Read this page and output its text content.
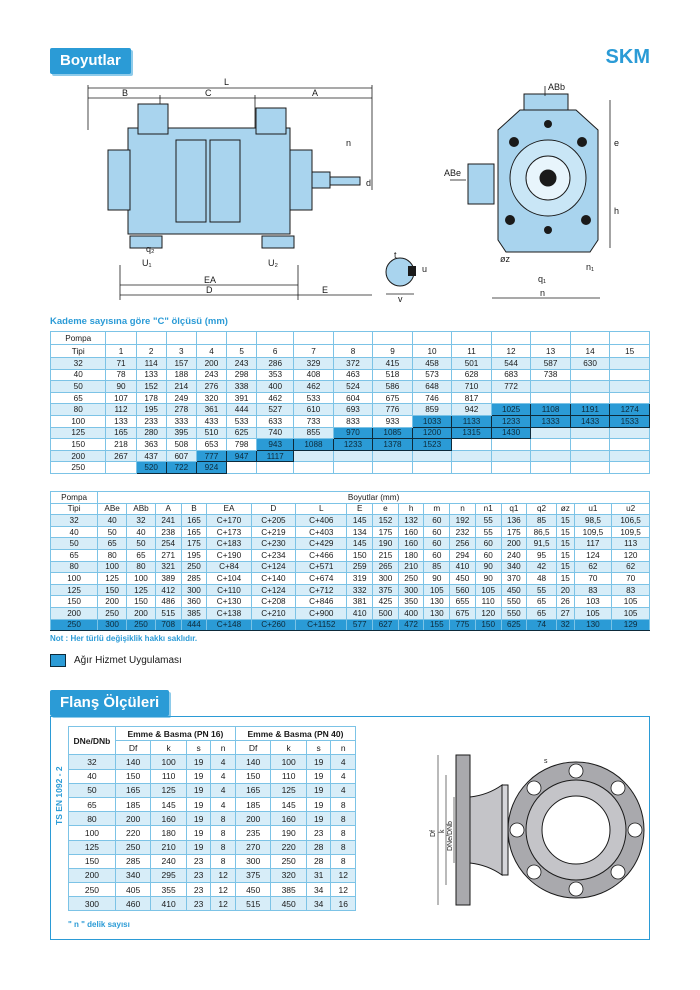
Boyutlar	SKM
L
B	C	A
n
d
q₂
U₁	U₂
EA
D	E
t
u
v
ABb
ABe
e
h
øz
q₁
n₁
n
Kademe sayısına göre "C" ölçüsü (mm)
Pompa															
Tipi	1	2	3	4	5	6	7	8	9	10	11	12	13	14	15
32	71	114	157	200	243	286	329	372	415	458	501	544	587	630	
40	78	133	188	243	298	353	408	463	518	573	628	683	738		
50	90	152	214	276	338	400	462	524	586	648	710	772			
65	107	178	249	320	391	462	533	604	675	746	817				
80	112	195	278	361	444	527	610	693	776	859	942	1025	1108	1191	1274
100	133	233	333	433	533	633	733	833	933	1033	1133	1233	1333	1433	1533
125	165	280	395	510	625	740	855	970	1085	1200	1315	1430			
150	218	363	508	653	798	943	1088	1233	1378	1523					
200	267	437	607	777	947	1117									
250		520	722	924											
Pompa	Boyutlar (mm)																	
Tipi	ABe	ABb	A	B	EA	D	L	E	e	h	m	n	n1	q1	q2	øz	u1	u2
32	40	32	241	165	C+170	C+205	C+406	145	152	132	60	192	55	136	85	15	98,5	106,5
40	50	40	238	165	C+173	C+219	C+403	134	175	160	60	232	55	175	86,5	15	109,5	109,5
50	65	50	254	175	C+183	C+230	C+429	145	190	160	60	256	60	200	91,5	15	117	113
65	80	65	271	195	C+190	C+234	C+466	150	215	180	60	294	60	240	95	15	124	120
80	100	80	321	250	C+84	C+124	C+571	259	265	210	85	410	90	340	42	15	62	62
100	125	100	389	285	C+104	C+140	C+674	319	300	250	90	450	90	370	48	15	70	70
125	150	125	412	300	C+110	C+124	C+712	332	375	300	105	560	105	450	55	20	83	83
150	200	150	486	360	C+130	C+208	C+846	381	425	350	130	655	110	550	65	26	103	105
200	250	200	515	385	C+138	C+210	C+900	410	500	400	130	675	120	550	65	27	105	105
250	300	250	708	444	C+148	C+260	C+1152	577	627	472	155	775	150	625	74	32	130	129
Not : Her türlü değişiklik hakkı saklıdır.
Ağır Hizmet Uygulaması
Flanş Ölçüleri
TS EN 1092 - 2
DNe/DNb	Emme & Basma (PN 16)				Emme & Basma (PN 40)			
	Df	k	s	n	Df	k	s	n
32	140	100	19	4	140	100	19	4
40	150	110	19	4	150	110	19	4
50	165	125	19	4	165	125	19	4
65	185	145	19	4	185	145	19	8
80	200	160	19	8	200	160	19	8
100	220	180	19	8	235	190	23	8
125	250	210	19	8	270	220	28	8
150	285	240	23	8	300	250	28	8
200	340	295	23	12	375	320	31	12
250	405	355	23	12	450	385	34	12
300	460	410	23	12	515	450	34	16
" n " delik sayısı
Df k DNe/DNb
s
